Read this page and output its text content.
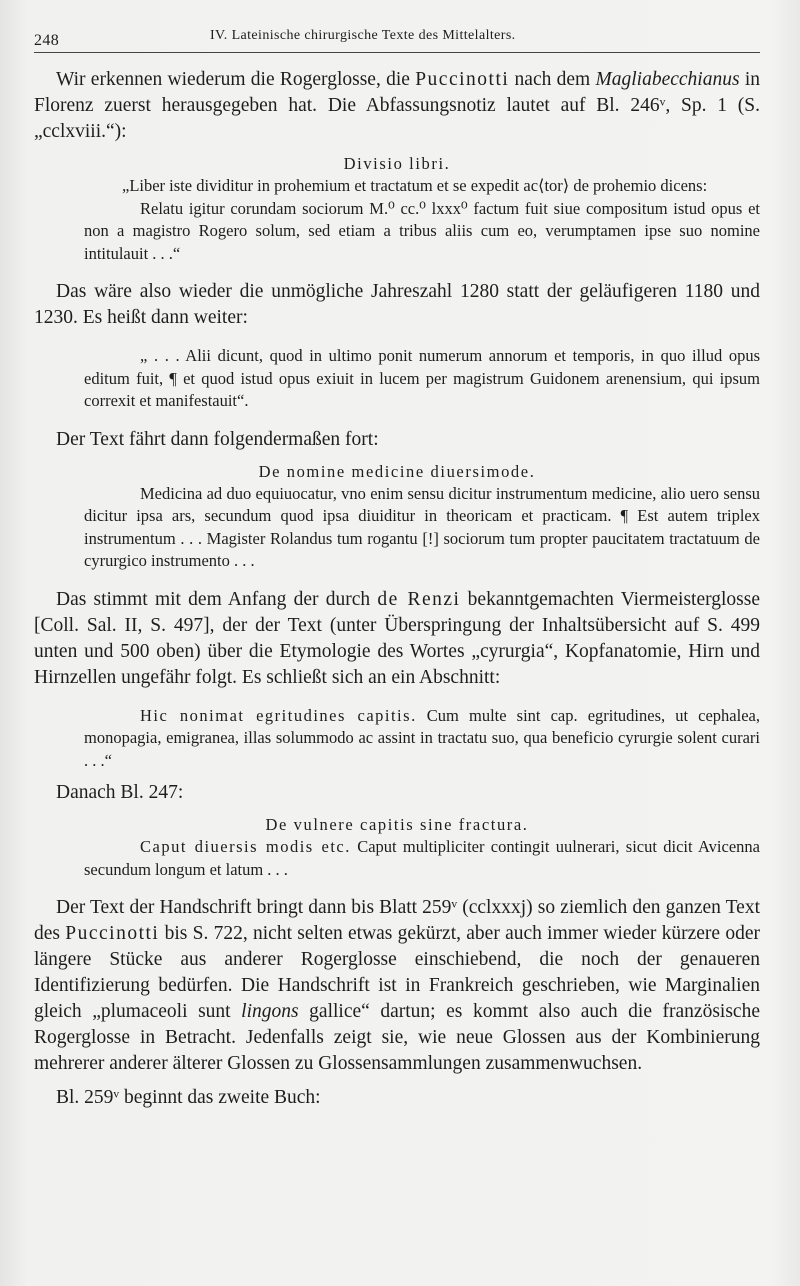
248	IV. Lateinische chirurgische Texte des Mittelalters.

Wir erkennen wiederum die Rogerglosse, die Puccinotti nach dem Magliabecchianus in Florenz zuerst herausgegeben hat. Die Abfassungsnotiz lautet auf Bl. 246ᵛ, Sp. 1 (S. „cclxviii.“):

Divisio libri.

„Liber iste dividitur in prohemium et tractatum et se expedit ac⟨tor⟩ de prohemio dicens:

Relatu igitur corundam sociorum M.⁰ cc.⁰ lxxx⁰ factum fuit siue compositum istud opus et non a magistro Rogero solum, sed etiam a tribus aliis cum eo, verumptamen ipse suo nomine intitulauit . . .“

Das wäre also wieder die unmögliche Jahreszahl 1280 statt der geläufigeren 1180 und 1230. Es heißt dann weiter:

„ . . . Alii dicunt, quod in ultimo ponit numerum annorum et temporis, in quo illud opus editum fuit, ¶ et quod istud opus exiuit in lucem per magistrum Guidonem arenensium, qui ipsum correxit et manifestauit“.

Der Text fährt dann folgendermaßen fort:

De nomine medicine diuersimode.

Medicina ad duo equiuocatur, vno enim sensu dicitur instrumentum medicine, alio uero sensu dicitur ipsa ars, secundum quod ipsa diuiditur in theoricam et practicam. ¶ Est autem triplex instrumentum . . . Magister Rolandus tum rogantu [!] sociorum tum propter paucitatem tractatuum de cyrurgico instrumento . . .

Das stimmt mit dem Anfang der durch de Renzi bekanntgemachten Viermeisterglosse [Coll. Sal. II, S. 497], der der Text (unter Überspringung der Inhaltsübersicht auf S. 499 unten und 500 oben) über die Etymologie des Wortes „cyrurgia“, Kopfanatomie, Hirn und Hirnzellen ungefähr folgt. Es schließt sich an ein Abschnitt:

Hic nonimat egritudines capitis. Cum multe sint cap. egritudines, ut cephalea, monopagia, emigranea, illas solummodo ac assint in tractatu suo, qua beneficio cyrurgie solent curari . . .“

Danach Bl. 247:

De vulnere capitis sine fractura.

Caput diuersis modis etc. Caput multipliciter contingit uulnerari, sicut dicit Avicenna secundum longum et latum . . .

Der Text der Handschrift bringt dann bis Blatt 259ᵛ (cclxxxj) so ziemlich den ganzen Text des Puccinotti bis S. 722, nicht selten etwas gekürzt, aber auch immer wieder kürzere oder längere Stücke aus anderer Rogerglosse einschiebend, die noch der genaueren Identifizierung bedürfen. Die Handschrift ist in Frankreich geschrieben, wie Marginalien gleich „plumaceoli sunt lingons gallice“ dartun; es kommt also auch die französische Rogerglosse in Betracht. Jedenfalls zeigt sie, wie neue Glossen aus der Kombinierung mehrerer anderer älterer Glossen zu Glossensammlungen zusammenwuchsen.

Bl. 259ᵛ beginnt das zweite Buch:
